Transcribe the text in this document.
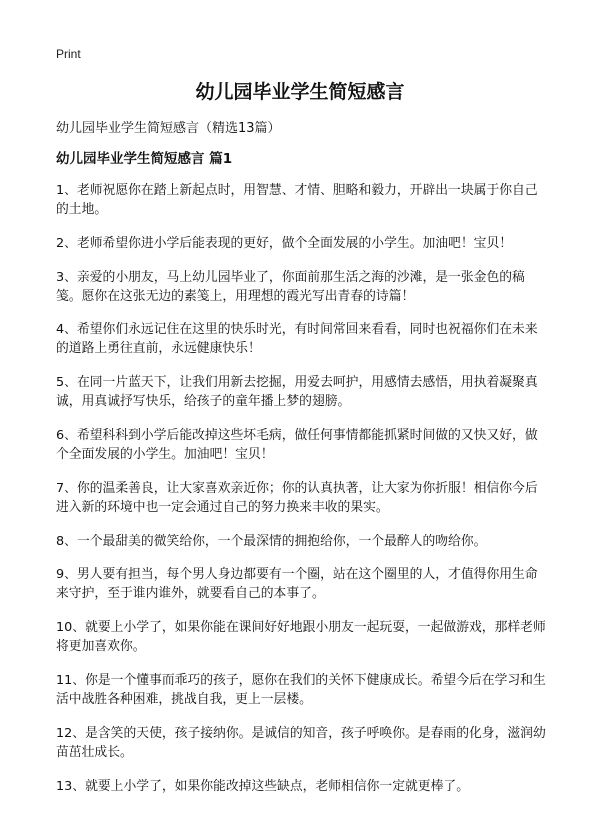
Print
幼儿园毕业学生简短感言

幼儿园毕业学生简短感言（精选13篇）

幼儿园毕业学生简短感言 篇1
1、老师祝愿你在踏上新起点时，用智慧、才情、胆略和毅力，开辟出一块属于你自己的土地。
2、老师希望你进小学后能表现的更好，做个全面发展的小学生。加油吧！宝贝！
3、亲爱的小朋友，马上幼儿园毕业了，你面前那生活之海的沙滩，是一张金色的稿笺。愿你在这张无边的素笺上，用理想的霞光写出青春的诗篇！
4、希望你们永远记住在这里的快乐时光，有时间常回来看看，同时也祝福你们在未来的道路上勇往直前，永远健康快乐！
5、在同一片蓝天下，让我们用新去挖掘，用爱去呵护，用感情去感悟，用执着凝聚真诚，用真诚抒写快乐，给孩子的童年播上梦的翅膀。
6、希望科科到小学后能改掉这些坏毛病，做任何事情都能抓紧时间做的又快又好，做个全面发展的小学生。加油吧！宝贝！
7、你的温柔善良，让大家喜欢亲近你；你的认真执著，让大家为你折服！相信你今后进入新的环境中也一定会通过自己的努力换来丰收的果实。
8、一个最甜美的微笑给你，一个最深情的拥抱给你，一个最醉人的吻给你。
9、男人要有担当，每个男人身边都要有一个圈，站在这个圈里的人，才值得你用生命来守护，至于谁内谁外，就要看自己的本事了。
10、就要上小学了，如果你能在课间好好地跟小朋友一起玩耍，一起做游戏，那样老师将更加喜欢你。
11、你是一个懂事而乖巧的孩子，愿你在我们的关怀下健康成长。希望今后在学习和生活中战胜各种困难，挑战自我，更上一层楼。
12、是含笑的天使，孩子接纳你。是诚信的知音，孩子呼唤你。是春雨的化身，滋润幼苗茁壮成长。
13、就要上小学了，如果你能改掉这些缺点，老师相信你一定就更棒了。
